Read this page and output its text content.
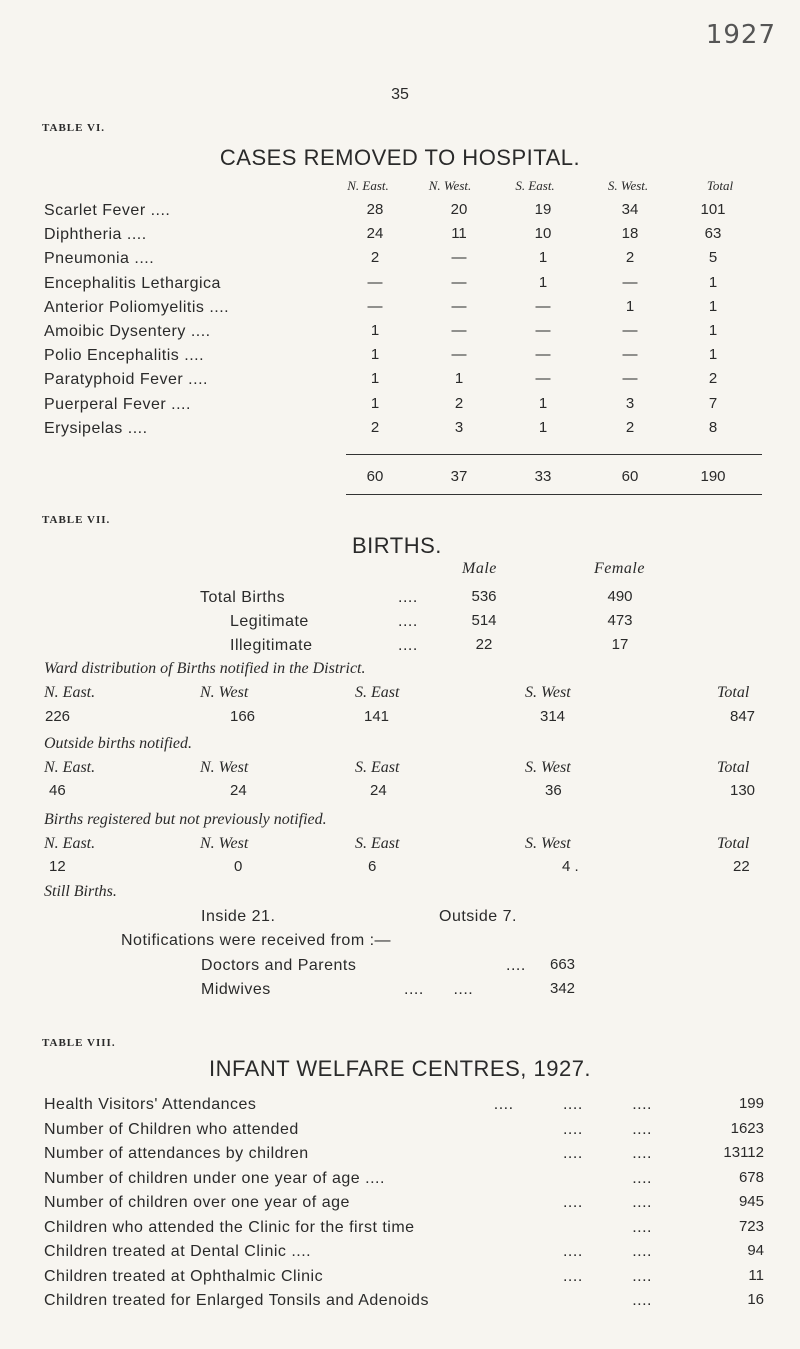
1927
35
TABLE VI.
CASES REMOVED TO HOSPITAL.
N. East.	N. West.	S. East.	S. West.	Total
Scarlet Fever ....	28	20	19	34	101
Diphtheria ....	24	11	10	18	63
Pneumonia ....	2	—	1	2	5
Encephalitis Lethargica	—	—	1	—	1
Anterior Poliomyelitis ....	—	—	—	1	1
Amoibic Dysentery ....	1	—	—	—	1
Polio Encephalitis ....	1	—	—	—	1
Paratyphoid Fever ....	1	1	—	—	2
Puerperal Fever ....	1	2	1	3	7
Erysipelas ....	2	3	1	2	8
60	37	33	60	190
TABLE VII.
BIRTHS.
Male	Female
Total Births	....	536	490
Legitimate	....	514	473
Illegitimate	....	22	17
Ward distribution of Births notified in the District.
N. East.	N. West	S. East	S. West	Total
226	166	141	314	847
Outside births notified.
N. East.	N. West	S. East	S. West	Total
46	24	24	36	130
Births registered but not previously notified.
N. East.	N. West	S. East	S. West	Total
12	0	6	4 .	22
Still Births.
Inside 21.	Outside 7.
Notifications were received from :—
Doctors and Parents	.... 663
Midwives	....      ....	342
TABLE VIII.
INFANT WELFARE CENTRES, 1927.
Health Visitors' Attendances	....          ....          ....	199
Number of Children who attended	....          ....	1623
Number of attendances by children	....          ....	13112
Number of children under one year of age ....	....	678
Number of children over one year of age	....          ....	945
Children who attended the Clinic for the first time	....	723
Children treated at Dental Clinic ....	....          ....	94
Children treated at Ophthalmic Clinic	....          ....	11
Children treated for Enlarged Tonsils and Adenoids	....	16
